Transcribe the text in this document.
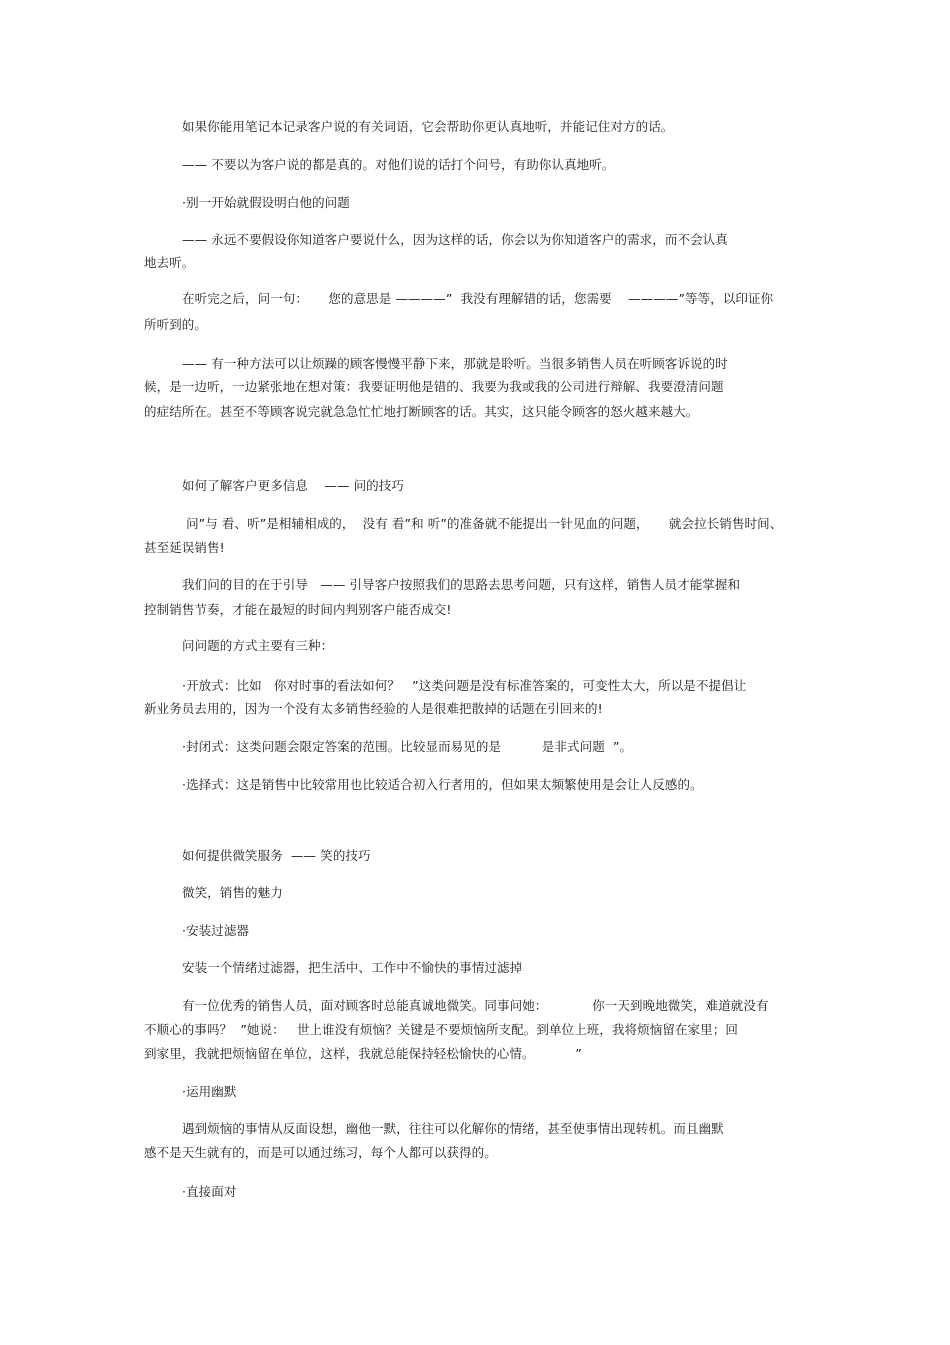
如果你能用笔记本记录客户说的有关词语，它会帮助你更认真地听，并能记住对方的话。
—— 不要以为客户说的都是真的。对他们说的话打个问号，有助你认真地听。
·别一开始就假设明白他的问题
—— 永远不要假设你知道客户要说什么，因为这样的话，你会以为你知道客户的需求，而不会认真
地去听。
在听完之后，问一句：     您的意思是 ————”  我没有理解错的话，您需要    ————”等等，以印证你
所听到的。
—— 有一种方法可以让烦躁的顾客慢慢平静下来，那就是聆听。当很多销售人员在听顾客诉说的时
候，是一边听，一边紧张地在想对策：我要证明他是错的、我要为我或我的公司进行辩解、我要澄清问题
的症结所在。甚至不等顾客说完就急急忙忙地打断顾客的话。其实，这只能令顾客的怒火越来越大。
如何了解客户更多信息    —— 问的技巧
问”与 看、听”是相辅相成的，  没有 看”和 听”的准备就不能提出一针见血的问题，     就会拉长销售时间、
甚至延误销售!
我们问的目的在于引导   —— 引导客户按照我们的思路去思考问题，只有这样，销售人员才能掌握和
控制销售节奏，才能在最短的时间内判别客户能否成交!
问问题的方式主要有三种：
·开放式：比如   你对时事的看法如何？   ”这类问题是没有标准答案的，可变性太大，所以是不提倡让
新业务员去用的，因为一个没有太多销售经验的人是很难把散掉的话题在引回来的!
·封闭式：这类问题会限定答案的范围。比较显而易见的是          是非式问题  ”。
·选择式：这是销售中比较常用也比较适合初入行者用的，但如果太频繁使用是会让人反感的。
如何提供微笑服务  —— 笑的技巧
微笑，销售的魅力
·安装过滤器
安装一个情绪过滤器，把生活中、工作中不愉快的事情过滤掉
有一位优秀的销售人员，面对顾客时总能真诚地微笑。同事问她：           你一天到晚地微笑，难道就没有
不顺心的事吗？  ”她说：   世上谁没有烦恼？关键是不要烦恼所支配。到单位上班，我将烦恼留在家里；回
到家里，我就把烦恼留在单位，这样，我就总能保持轻松愉快的心情。          ”
·运用幽默
遇到烦恼的事情从反面设想，幽他一默，往往可以化解你的情绪，甚至使事情出现转机。而且幽默
感不是天生就有的，而是可以通过练习，每个人都可以获得的。
·直接面对
